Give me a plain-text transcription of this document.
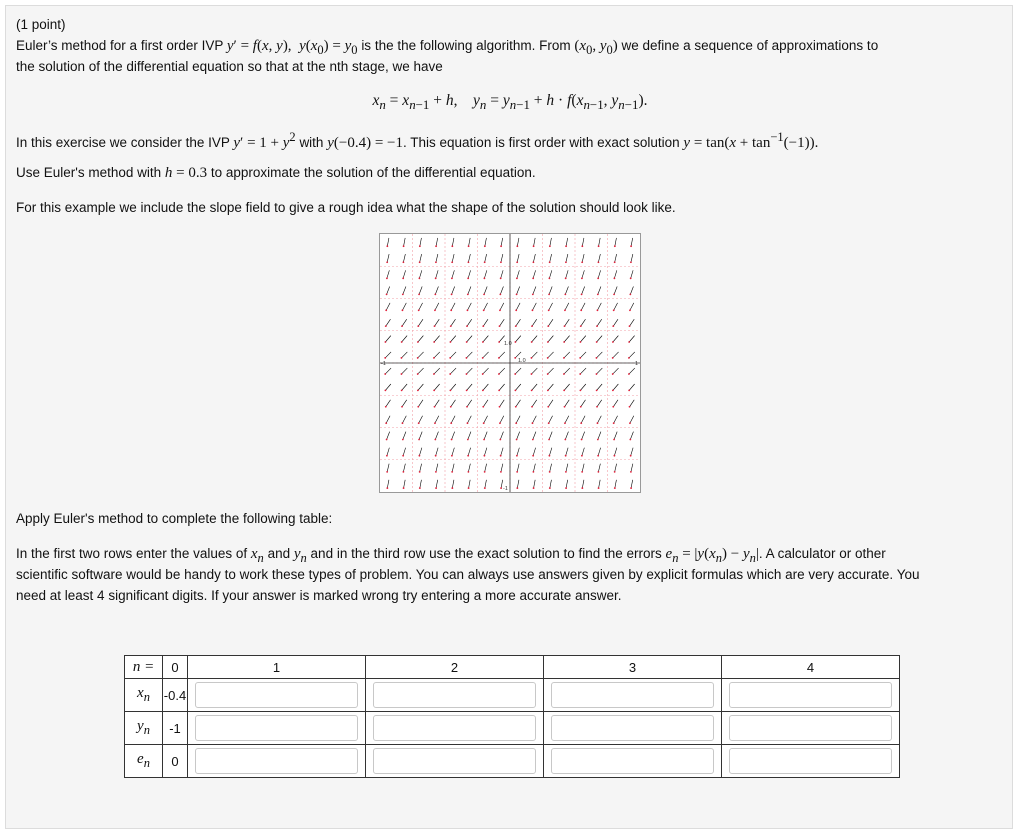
(1 point)
Euler’s method for a first order IVP y′ = f(x, y),  $y(x_0) = y_0$ is the the following algorithm. From ($x_0$, $y_0$) we define a sequence of approximations to
the solution of the differential equation so that at the nth stage, we have
$x_n = x_{n-1} + h$,    $y_n = y_{n-1} + h \cdot f(x_{n-1}$, $y_{n-1}$).
In this exercise we consider the IVP $y' = 1 + y^2$ with y(−0.4) = −1. This equation is first order with exact solution $y = \tan(x + \tan^{-1}(-1))$.
Use Euler's method with h = 0.3 to approximate the solution of the differential equation.
For this example we include the slope field to give a rough idea what the shape of the solution should look like.
1.0
1.0
-1	1
-1
Apply Euler's method to complete the following table:
In the first two rows enter the values of $x_n$ and $y_n$ and in the third row use the exact solution to find the errors $e_n = |y(x_n) - y_n|$. A calculator or other
scientific software would be handy to work these types of problem. You can always use answers given by explicit formulas which are very accurate. You
need at least 4 significant digits. If your answer is marked wrong try entering a more accurate answer.
n =	0	1	2	3	4
$x_n$	-0.4	

$y_n$	-1	

$e_n$	0	
